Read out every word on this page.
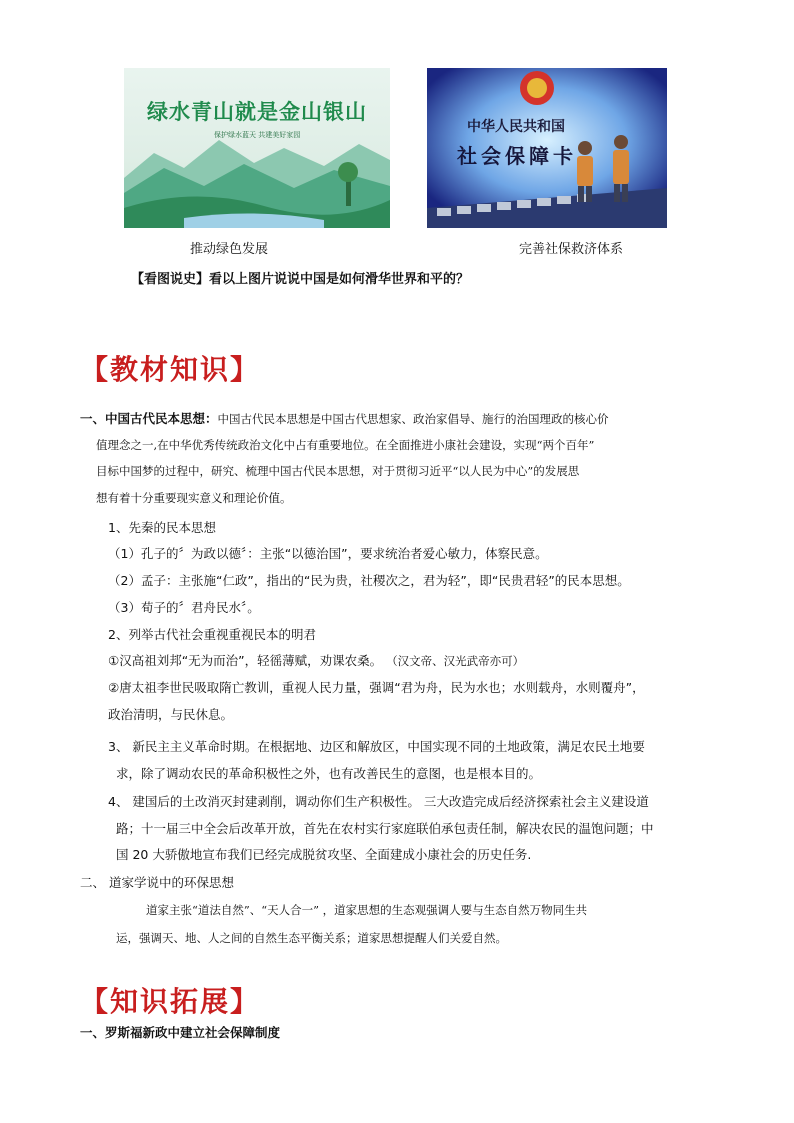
绿水青山就是金山银山
保护绿水蓝天 共建美好家园
推动绿色发展
中华人民共和国
社会保障卡
完善社保救济体系
【看图说史】看以上图片说说中国是如何滑华世界和平的？
【教材知识】
一、中国古代民本思想：中国古代民本思想是中国古代思想家、政治家倡导、施行的治国理政的核心价
值理念之一,在中华优秀传统政治文化中占有重要地位。在全面推进小康社会建设，实现“两个百年”
目标中国梦的过程中，研究、梳理中国古代民本思想，对于贯彻习近平“以人民为中心”的发展思
想有着十分重要现实意义和理论价值。
1、先秦的民本思想
（1）孔子的〞为政以德〞：主张“以德治国”，要求统治者爱心敏力，体察民意。
（2）孟子：主张施“仁政”，指出的“民为贵，社稷次之，君为轻”，即“民贵君轻”的民本思想。
（3）荀子的〞君舟民水〞。
2、列举古代社会重视重视民本的明君
①汉高祖刘邦“无为而治”，轻徭薄赋，劝课农桑。 （汉文帝、汉光武帝亦可）
②唐太祖李世民吸取隋亡教训，重视人民力量，强调“君为舟，民为水也；水则载舟，水则覆舟”，
政治清明，与民休息。
3、 新民主主义革命时期。在根据地、边区和解放区，中国实现不同的土地政策，满足农民土地要
求，除了调动农民的革命积极性之外，也有改善民生的意图，也是根本目的。
4、 建国后的土改消灭封建剥削，调动你们生产积极性。 三大改造完成后经济探索社会主义建设道
路；十一届三中全会后改革开放，首先在农村实行家庭联伯承包责任制，解决农民的温饱问题；中
国 20 大骄傲地宣布我们已经完成脱贫攻坚、全面建成小康社会的历史任务.
二、 道家学说中的环保思想
道家主张“道法自然”、“天人合一” ，道家思想的生态观强调人要与生态自然万物同生共
运，强调天、地、人之间的自然生态平衡关系；道家思想提醒人们关爱自然。
【知识拓展】
一、罗斯福新政中建立社会保障制度
